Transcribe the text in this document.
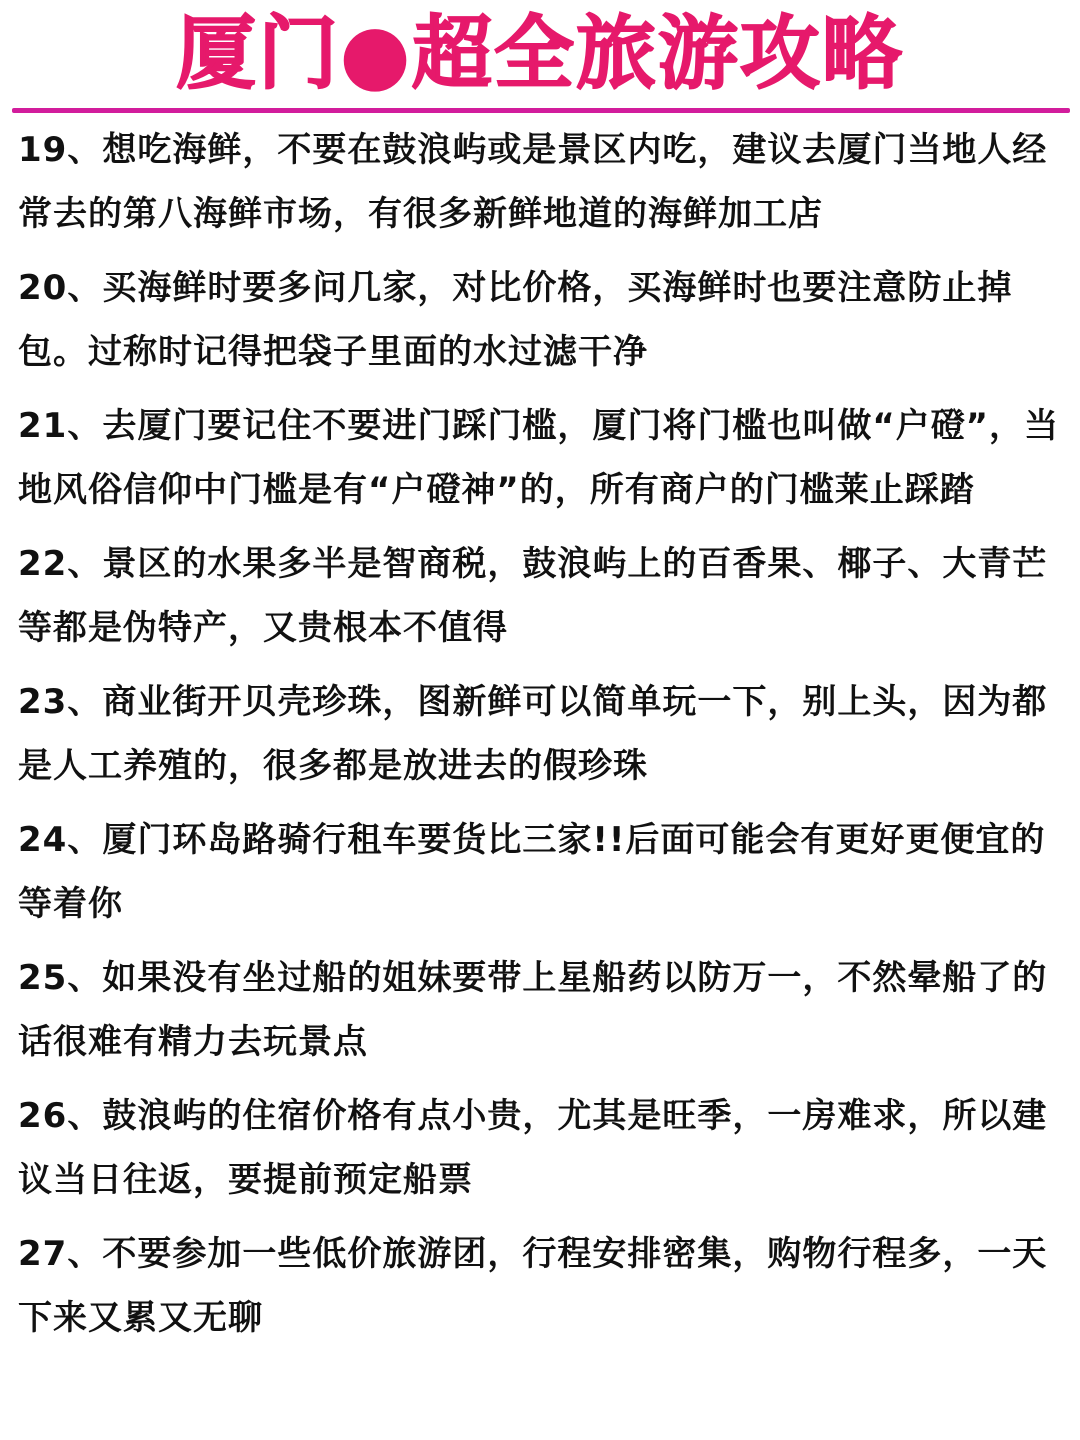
厦门●超全旅游攻略

19、想吃海鲜，不要在鼓浪屿或是景区内吃，建议去厦门当地人经常去的第八海鲜市场，有很多新鲜地道的海鲜加工店

20、买海鲜时要多问几家，对比价格，买海鲜时也要注意防止掉包。过称时记得把袋子里面的水过滤干净

21、去厦门要记住不要进门踩门槛，厦门将门槛也叫做“户磴”，当地风俗信仰中门槛是有“户磴神”的，所有商户的门槛莱止踩踏

22、景区的水果多半是智商税，鼓浪屿上的百香果、椰子、大青芒等都是伪特产，又贵根本不值得

23、商业街开贝壳珍珠，图新鲜可以简单玩一下，别上头，因为都是人工养殖的，很多都是放进去的假珍珠

24、厦门环岛路骑行租车要货比三家!!后面可能会有更好更便宜的等着你

25、如果没有坐过船的姐妹要带上星船药以防万一，不然晕船了的话很难有精力去玩景点

26、鼓浪屿的住宿价格有点小贵，尤其是旺季，一房难求，所以建议当日往返，要提前预定船票

27、不要参加一些低价旅游团，行程安排密集，购物行程多，一天下来又累又无聊
